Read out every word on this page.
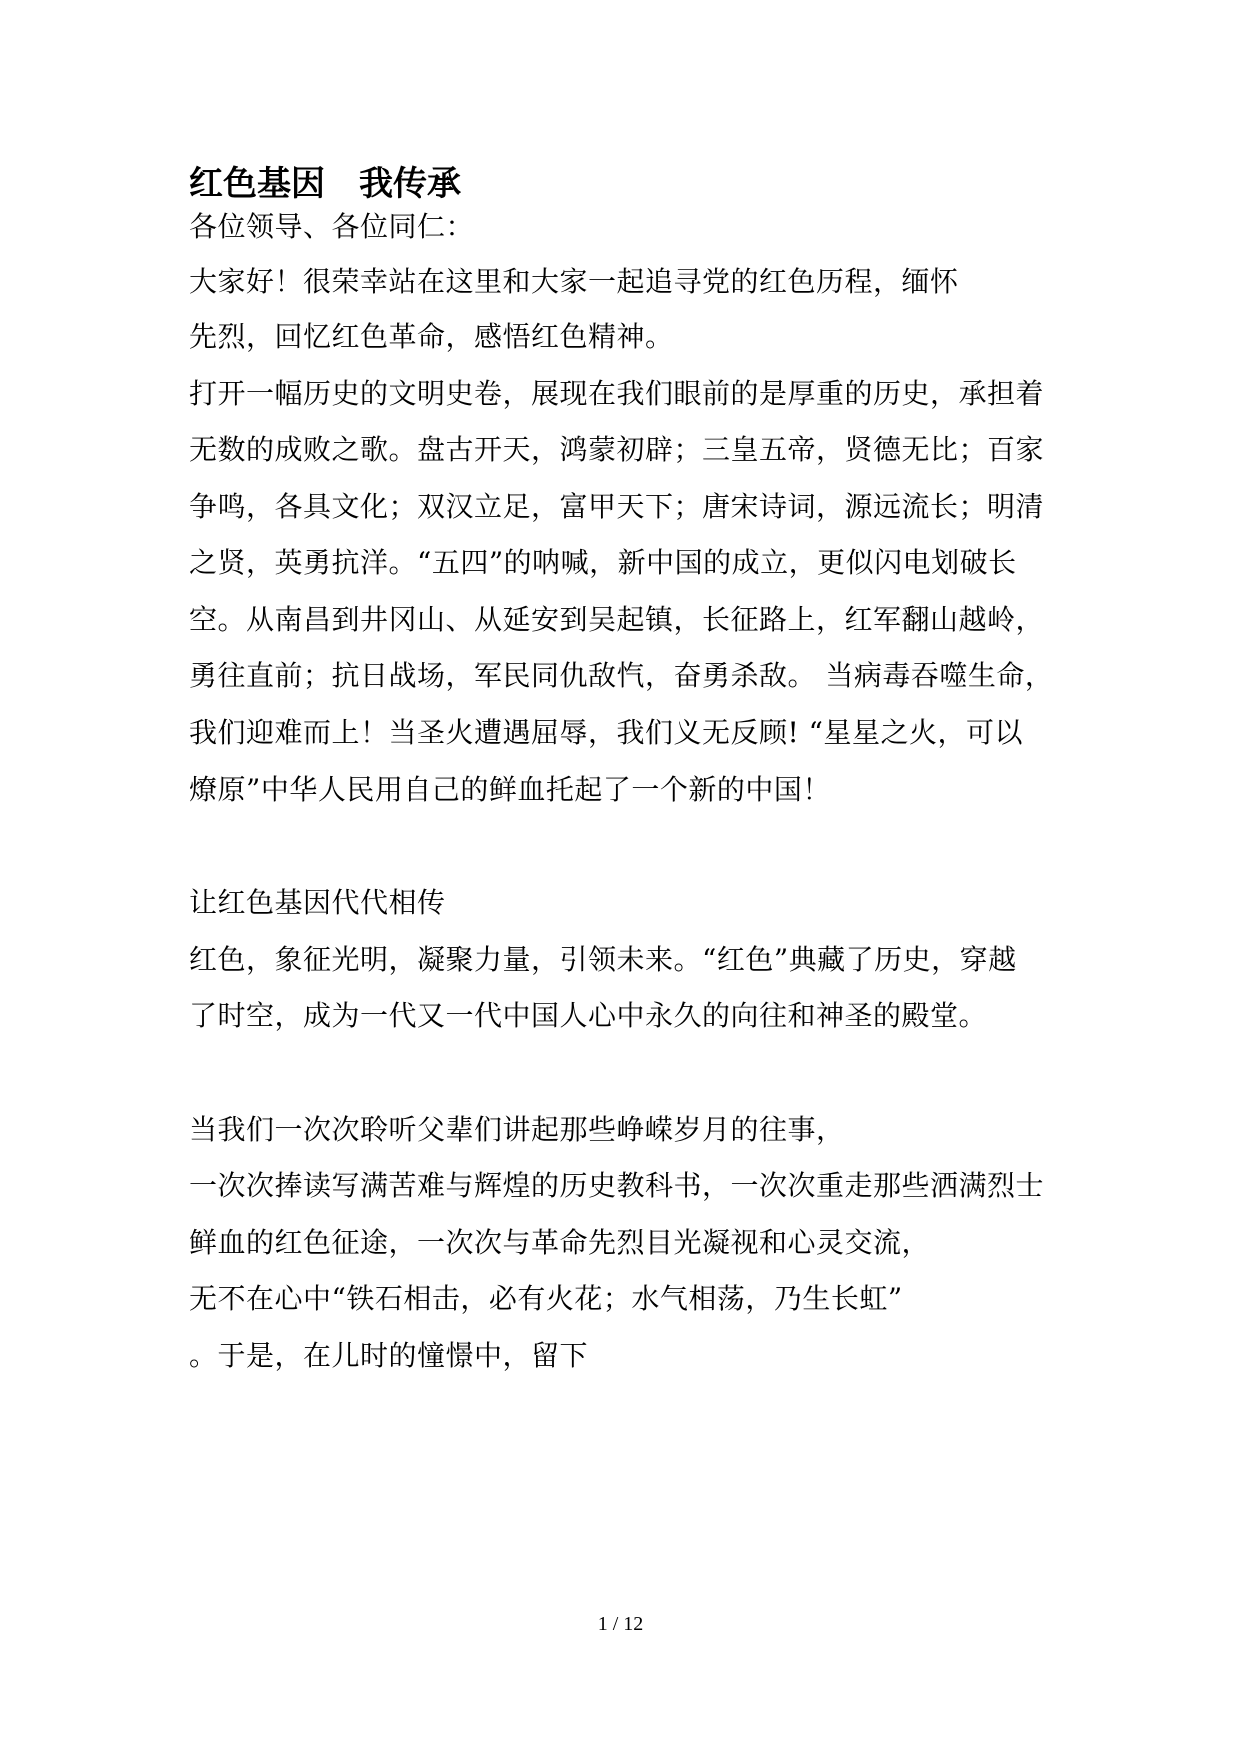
红色基因　我传承
各位领导、各位同仁：
大家好！很荣幸站在这里和大家一起追寻党的红色历程，缅怀
先烈，回忆红色革命，感悟红色精神。
打开一幅历史的文明史卷，展现在我们眼前的是厚重的历史，承担着
无数的成败之歌。盘古开天，鸿蒙初辟；三皇五帝，贤德无比；百家
争鸣，各具文化；双汉立足，富甲天下；唐宋诗词，源远流长；明清
之贤，英勇抗洋。“五四”的呐喊，新中国的成立，更似闪电划破长
空。从南昌到井冈山、从延安到吴起镇，长征路上，红军翻山越岭，
勇往直前；抗日战场，军民同仇敌忾，奋勇杀敌。 当病毒吞噬生命，
我们迎难而上！当圣火遭遇屈辱，我们义无反顾! “星星之火，可以
燎原”中华人民用自己的鲜血托起了一个新的中国！
让红色基因代代相传
红色，象征光明，凝聚力量，引领未来。“红色”典藏了历史，穿越
了时空，成为一代又一代中国人心中永久的向往和神圣的殿堂。
当我们一次次聆听父辈们讲起那些峥嵘岁月的往事，
一次次捧读写满苦难与辉煌的历史教科书，一次次重走那些洒满烈士
鲜血的红色征途，一次次与革命先烈目光凝视和心灵交流，
无不在心中“铁石相击，必有火花；水气相荡，乃生长虹”
。于是，在儿时的憧憬中，留下
1 / 12
